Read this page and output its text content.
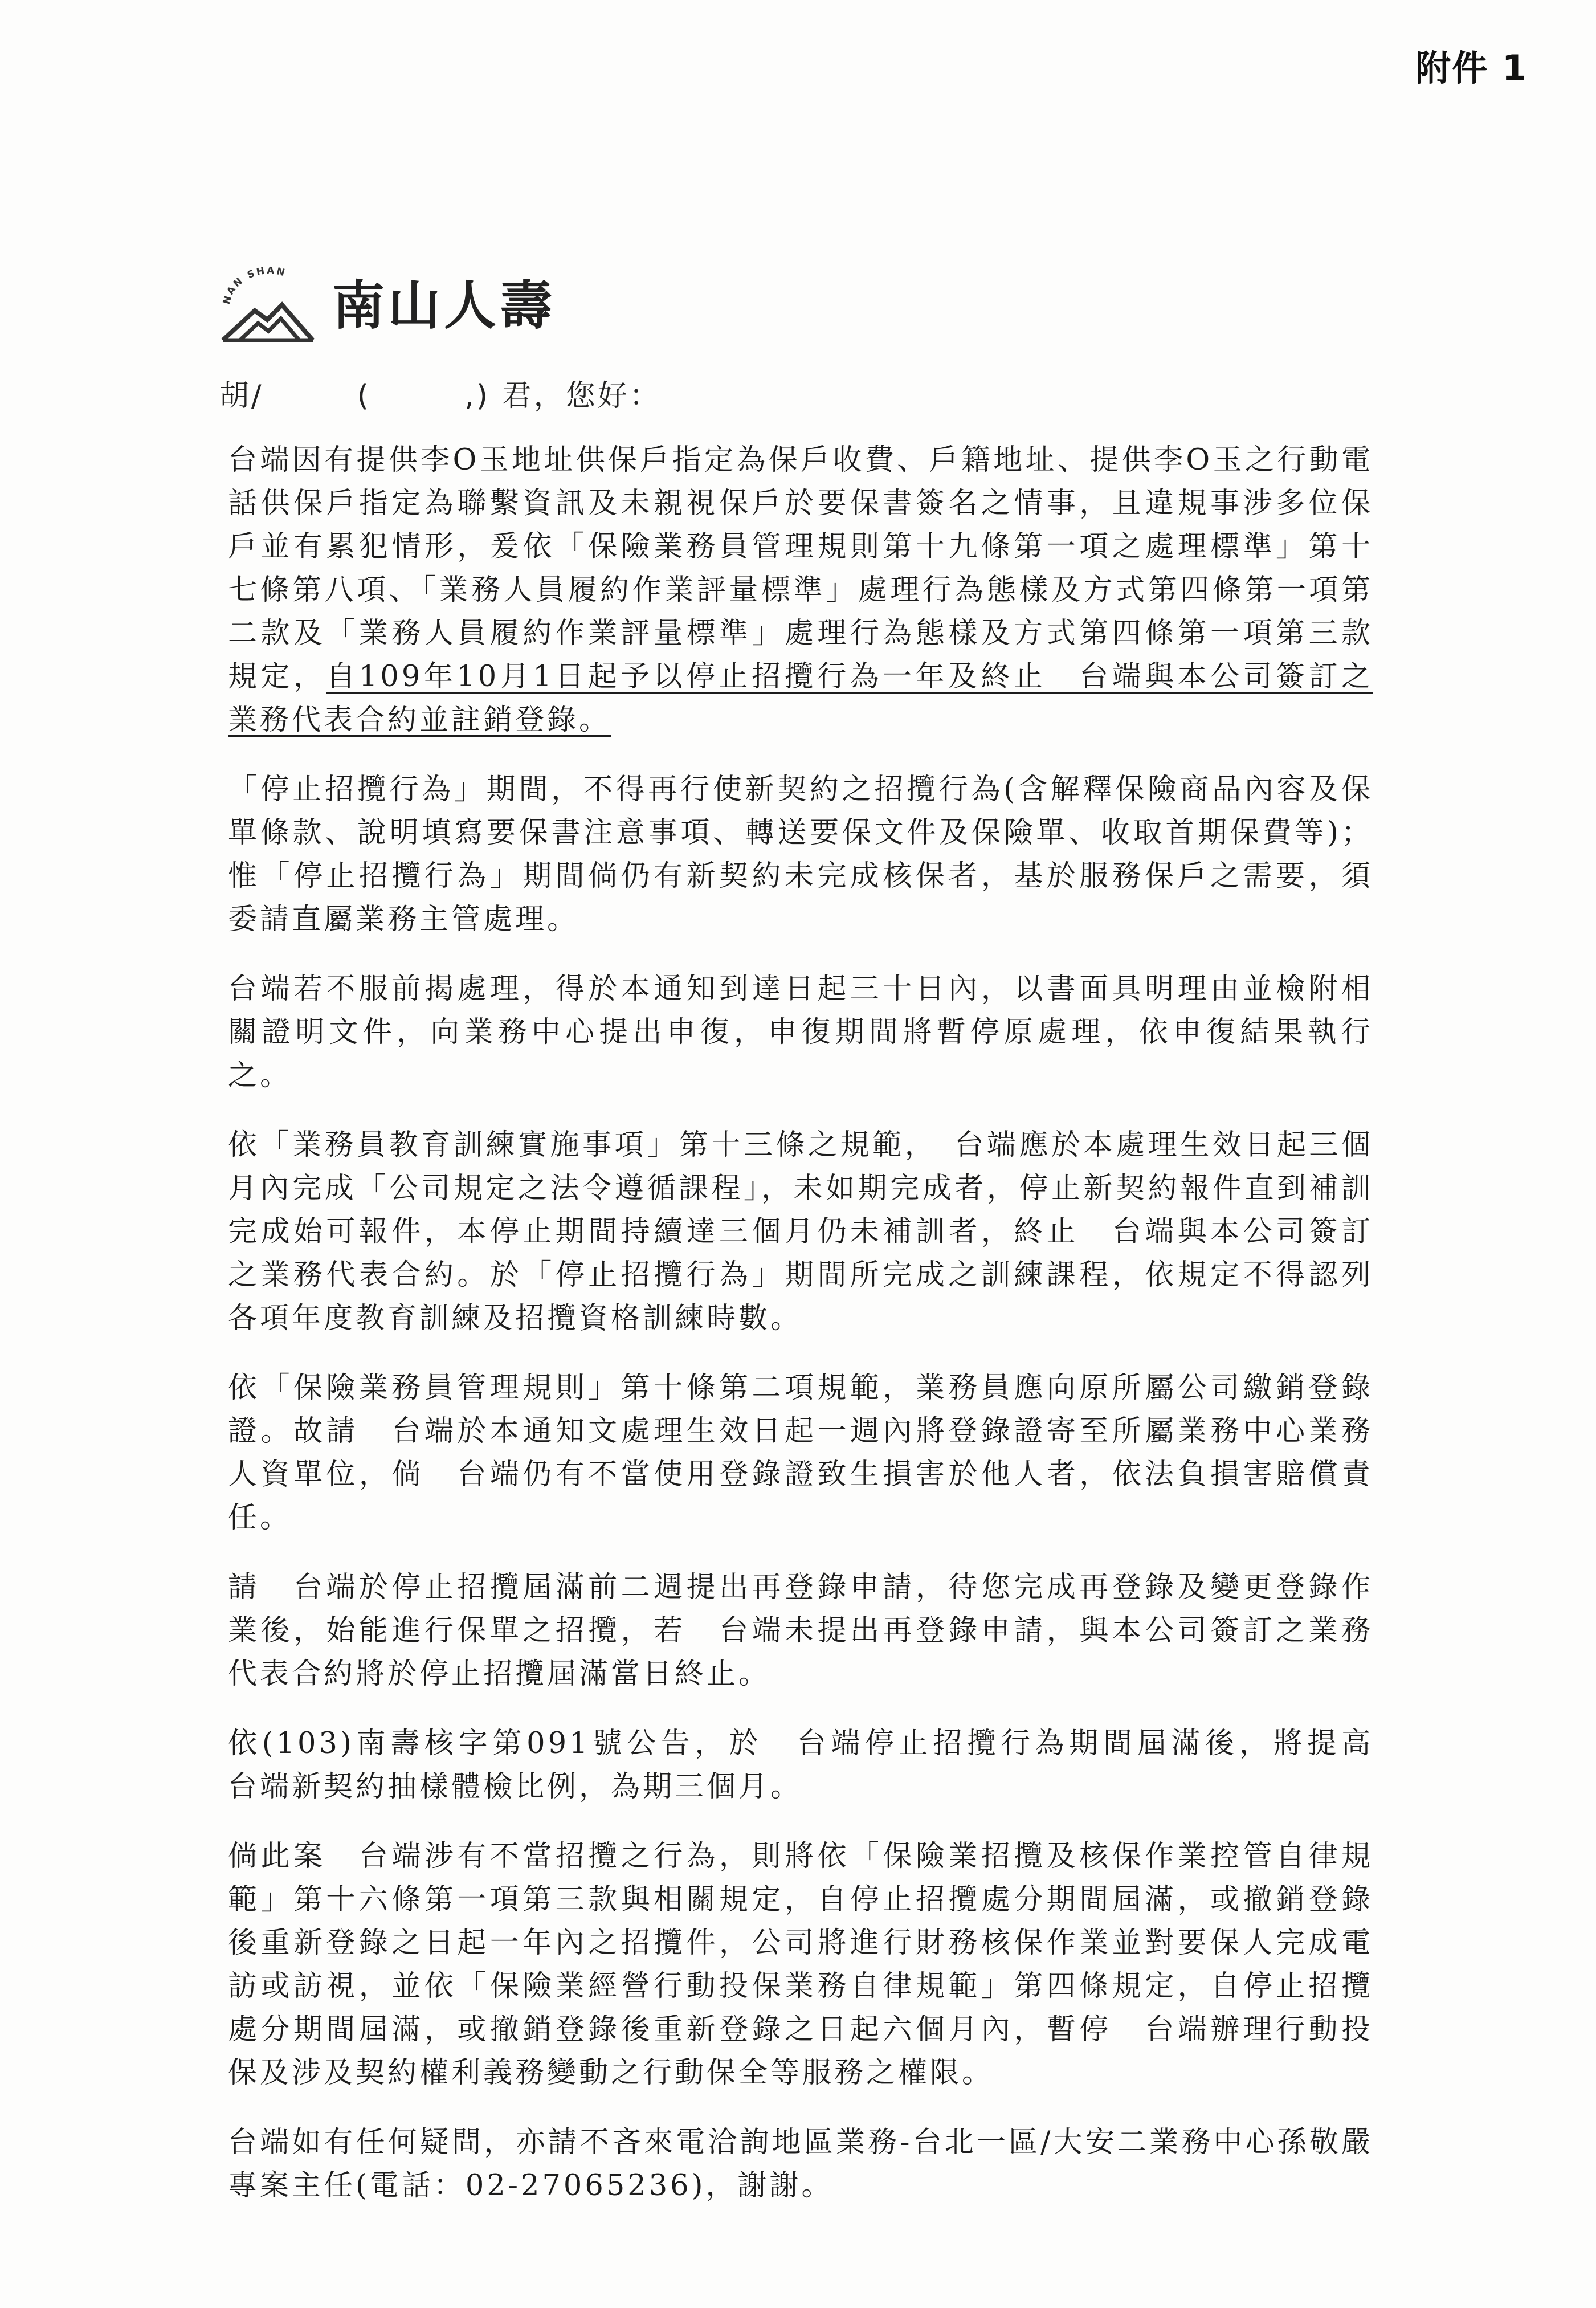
附件 1
NAN SHAN
南山人壽
胡/        (        ,) 君，您好：

台端因有提供李O玉地址供保戶指定為保戶收費、戶籍地址、提供李O玉之行動電話供保戶指定為聯繫資訊及未親視保戶於要保書簽名之情事，且違規事涉多位保戶並有累犯情形，爰依「保險業務員管理規則第十九條第一項之處理標準」第十七條第八項、「業務人員履約作業評量標準」處理行為態樣及方式第四條第一項第二款及「業務人員履約作業評量標準」處理行為態樣及方式第四條第一項第三款規定，自109年10月1日起予以停止招攬行為一年及終止　台端與本公司簽訂之業務代表合約並註銷登錄。

「停止招攬行為」期間，不得再行使新契約之招攬行為(含解釋保險商品內容及保單條款、說明填寫要保書注意事項、轉送要保文件及保險單、收取首期保費等)；惟「停止招攬行為」期間倘仍有新契約未完成核保者，基於服務保戶之需要，須委請直屬業務主管處理。

台端若不服前揭處理，得於本通知到達日起三十日內，以書面具明理由並檢附相關證明文件，向業務中心提出申復，申復期間將暫停原處理，依申復結果執行之。

依「業務員教育訓練實施事項」第十三條之規範，　台端應於本處理生效日起三個月內完成「公司規定之法令遵循課程」，未如期完成者，停止新契約報件直到補訓完成始可報件，本停止期間持續達三個月仍未補訓者，終止　台端與本公司簽訂之業務代表合約。於「停止招攬行為」期間所完成之訓練課程，依規定不得認列各項年度教育訓練及招攬資格訓練時數。

依「保險業務員管理規則」第十條第二項規範，業務員應向原所屬公司繳銷登錄證。故請　台端於本通知文處理生效日起一週內將登錄證寄至所屬業務中心業務人資單位，倘　台端仍有不當使用登錄證致生損害於他人者，依法負損害賠償責任。

請　台端於停止招攬屆滿前二週提出再登錄申請，待您完成再登錄及變更登錄作業後，始能進行保單之招攬，若　台端未提出再登錄申請，與本公司簽訂之業務代表合約將於停止招攬屆滿當日終止。

依(103)南壽核字第091號公告，於　台端停止招攬行為期間屆滿後，將提高　台端新契約抽樣體檢比例，為期三個月。

倘此案　台端涉有不當招攬之行為，則將依「保險業招攬及核保作業控管自律規範」第十六條第一項第三款與相關規定，自停止招攬處分期間屆滿，或撤銷登錄後重新登錄之日起一年內之招攬件，公司將進行財務核保作業並對要保人完成電訪或訪視，並依「保險業經營行動投保業務自律規範」第四條規定，自停止招攬處分期間屆滿，或撤銷登錄後重新登錄之日起六個月內，暫停　台端辦理行動投保及涉及契約權利義務變動之行動保全等服務之權限。

台端如有任何疑問，亦請不吝來電洽詢地區業務-台北一區/大安二業務中心孫敬嚴專案主任(電話：02-27065236)，謝謝。
